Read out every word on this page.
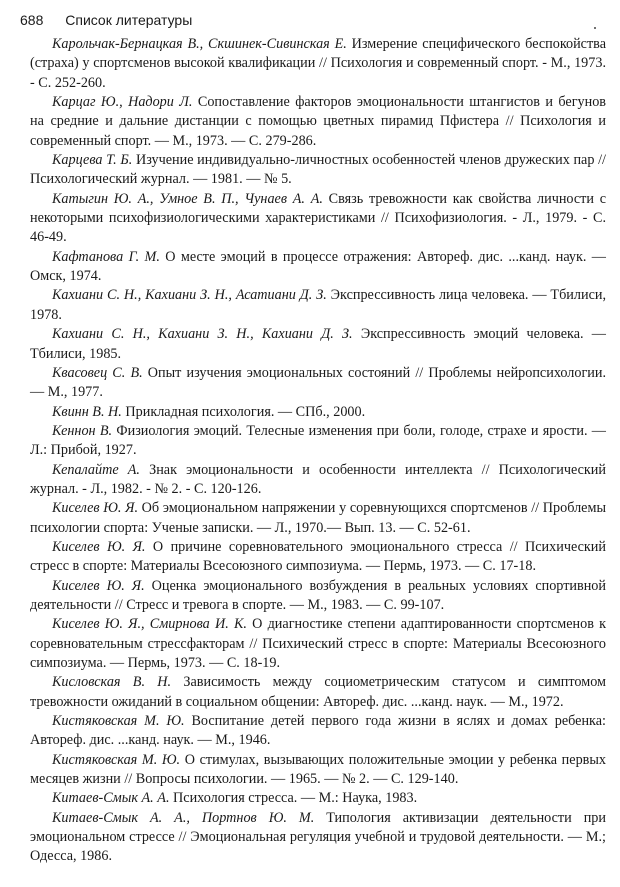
688 Список литературы

Карольчак-Бернацкая В., Скшинек-Сивинская Е. Измерение специфического беспокойства (страха) у спортсменов высокой квалификации // Психология и современный спорт. - М., 1973. - С. 252-260.

Карцаг Ю., Надори Л. Сопоставление факторов эмоциональности штангистов и бегунов на средние и дальние дистанции с помощью цветных пирамид Пфистера // Психология и современный спорт. — М., 1973. — С. 279-286.

Карцева Т. Б. Изучение индивидуально-личностных особенностей членов дружеских пар // Психологический журнал. — 1981. — № 5.

Катыгин Ю. А., Умное В. П., Чунаев А. А. Связь тревожности как свойства личности с некоторыми психофизиологическими характеристиками // Психофизиология. - Л., 1979. - С. 46-49.

Кафтанова Г. М. О месте эмоций в процессе отражения: Автореф. дис. ...канд. наук. — Омск, 1974.

Кахиани С. Н., Кахиани З. Н., Асатиани Д. З. Экспрессивность лица человека. — Тбилиси, 1978.

Кахиани С. Н., Кахиани З. Н., Кахиани Д. З. Экспрессивность эмоций человека. — Тбилиси, 1985.

Квасовец С. В. Опыт изучения эмоциональных состояний // Проблемы нейропсихологии. — М., 1977.

Квинн В. Н. Прикладная психология. — СПб., 2000.

Кеннон В. Физиология эмоций. Телесные изменения при боли, голоде, страхе и ярости. — Л.: Прибой, 1927.

Кепалайте А. Знак эмоциональности и особенности интеллекта // Психологический журнал. - Л., 1982. - № 2. - С. 120-126.

Киселев Ю. Я. Об эмоциональном напряжении у соревнующихся спортсменов // Проблемы психологии спорта: Ученые записки. — Л., 1970.— Вып. 13. — С. 52-61.

Киселев Ю. Я. О причине соревновательного эмоционального стресса // Психический стресс в спорте: Материалы Всесоюзного симпозиума. — Пермь, 1973. — С. 17-18.

Киселев Ю. Я. Оценка эмоционального возбуждения в реальных условиях спортивной деятельности // Стресс и тревога в спорте. — М., 1983. — С. 99-107.

Киселев Ю. Я., Смирнова И. К. О диагностике степени адаптированности спортсменов к соревновательным стрессфакторам // Психический стресс в спорте: Материалы Всесоюзного симпозиума. — Пермь, 1973. — С. 18-19.

Кисловская В. Н. Зависимость между социометрическим статусом и симптомом тревожности ожиданий в социальном общении: Автореф. дис. ...канд. наук. — М., 1972.

Кистяковская М. Ю. Воспитание детей первого года жизни в яслях и домах ребенка: Автореф. дис. ...канд. наук. — М., 1946.

Кистяковская М. Ю. О стимулах, вызывающих положительные эмоции у ребенка первых месяцев жизни // Вопросы психологии. — 1965. — № 2. — С. 129-140.

Китаев-Смык А. А. Психология стресса. — М.: Наука, 1983.

Китаев-Смык А. А., Портнов Ю. М. Типология активизации деятельности при эмоциональном стрессе // Эмоциональная регуляция учебной и трудовой деятельности. — М.; Одесса, 1986.
